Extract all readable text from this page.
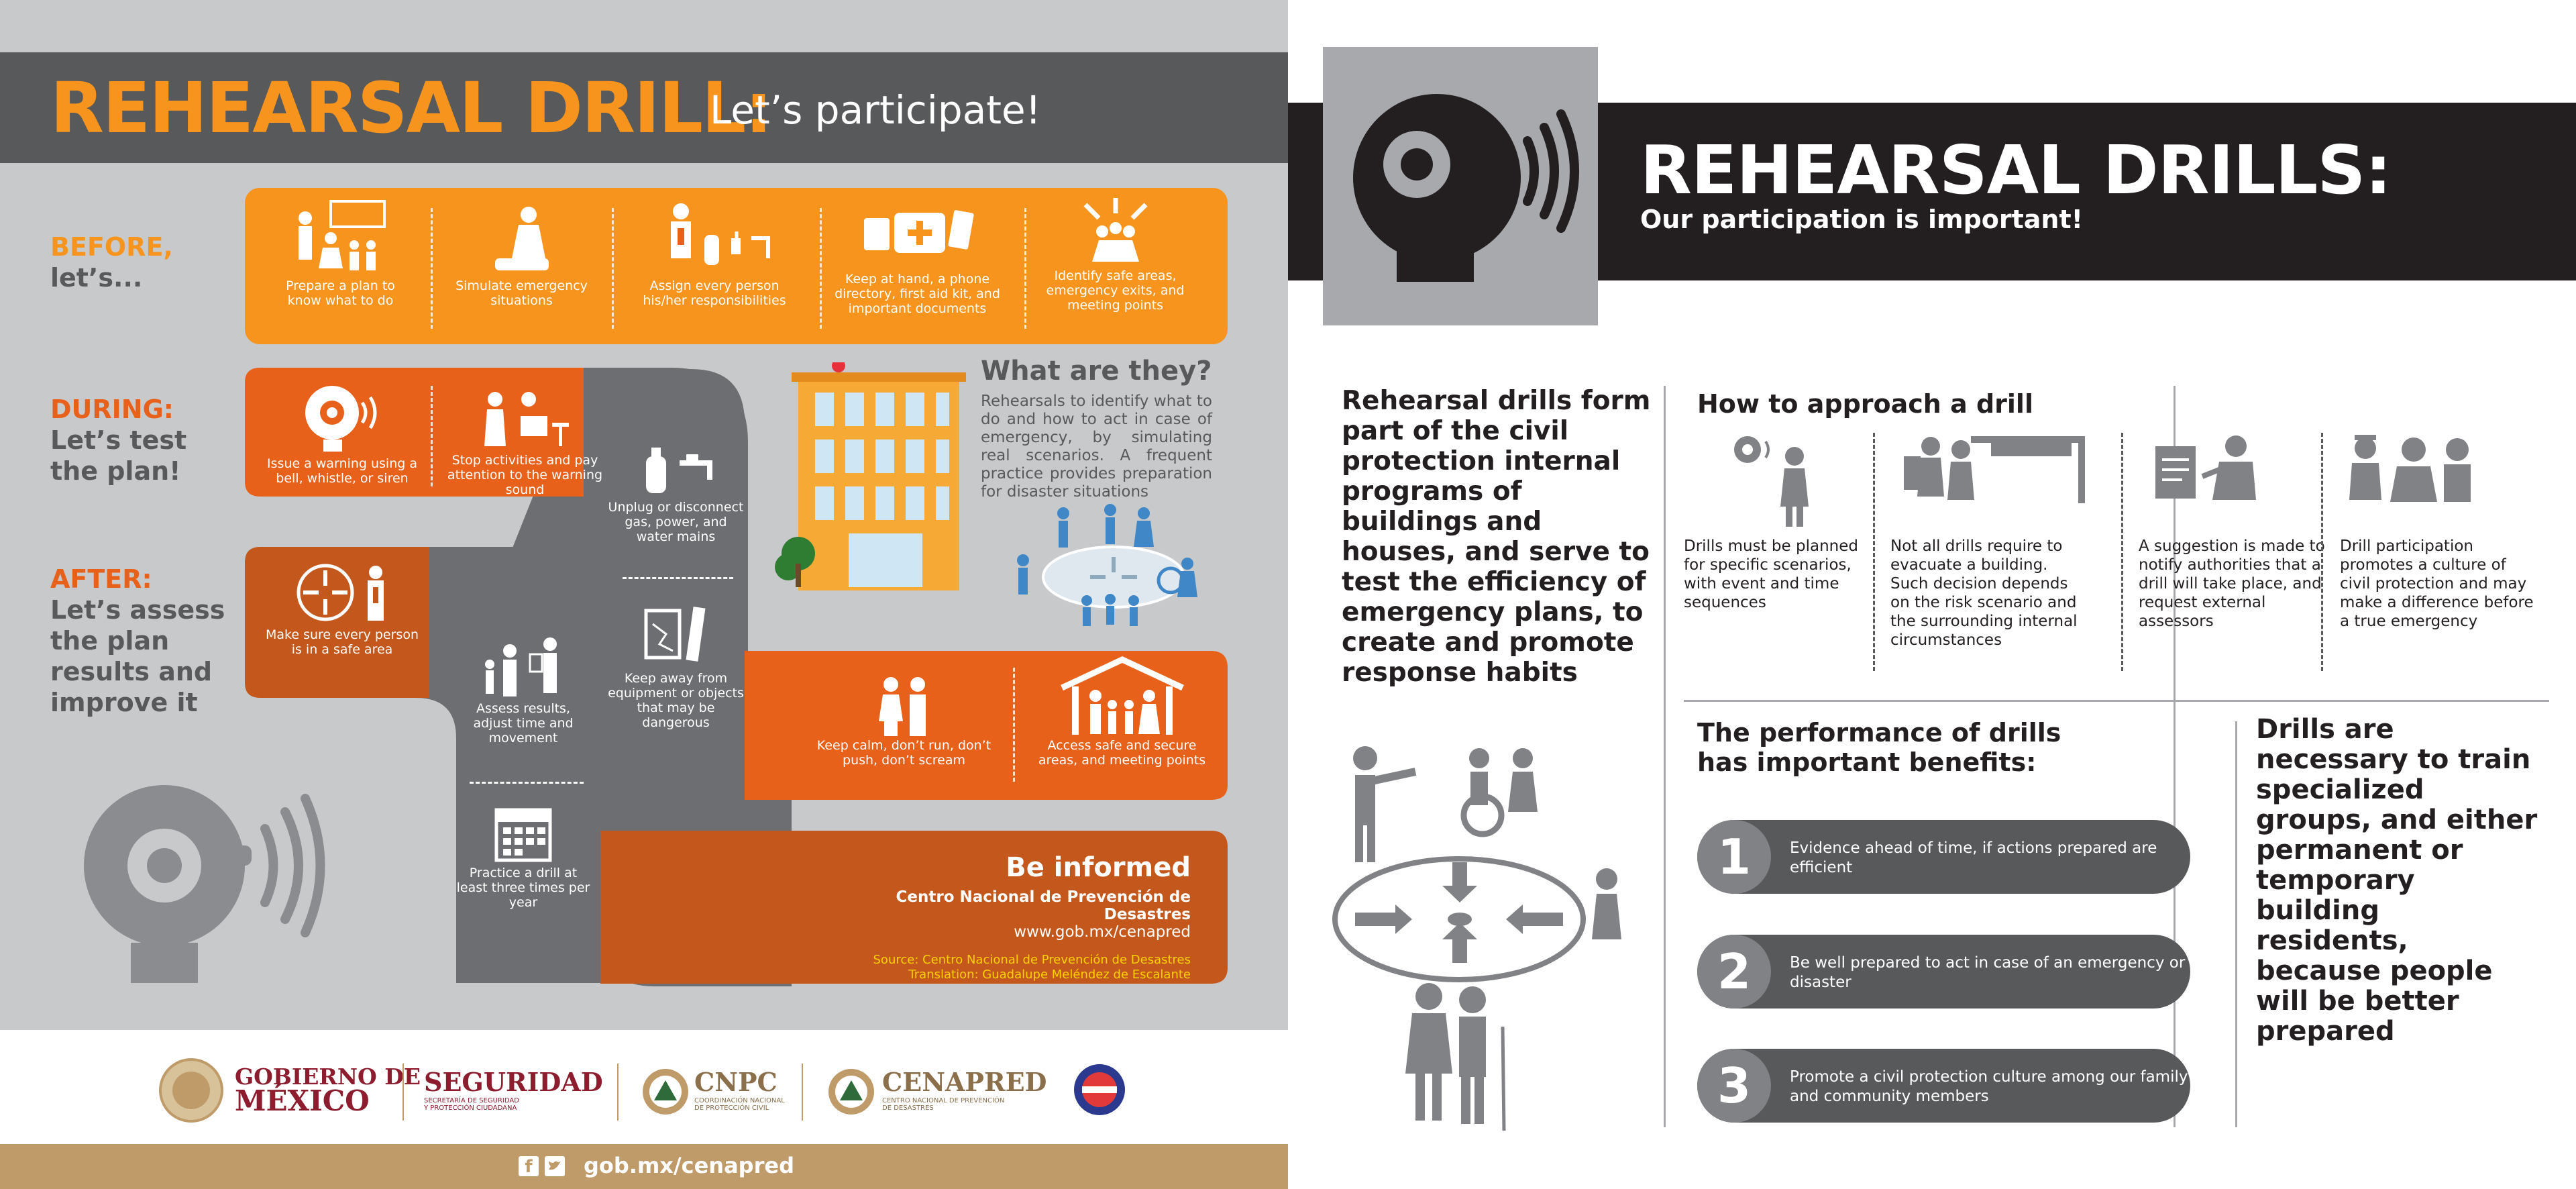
REHEARSAL DRILL:
Let’s participate!
BEFORE,
let’s...
DURING:
Let’s test
the plan!
AFTER:
Let’s assess
the plan
results and
improve it
Prepare a plan to know what to do
Simulate emergency situations
Assign every person his/her responsibilities
Keep at hand, a phone directory, first aid kit, and important documents
Identify safe areas, emergency exits, and meeting points
Issue a warning using a bell, whistle, or siren
Stop activities and pay attention to the warning sound
Unplug or disconnect gas, power, and water mains
Keep away from equipment or objects that may be dangerous
Keep calm, don’t run, don’t push, don’t scream
Access safe and secure areas, and meeting points
Make sure every person is in a safe area
Assess results, adjust time and movement
Practice a drill at least three times per year
What are they?
Rehearsals to identify what to do and how to act in case of emergency, by simulating real scenarios. A frequent practice provides preparation for disaster situations
Be informed
Centro Nacional de Prevención de Desastres
www.gob.mx/cenapred
Source: Centro Nacional de Prevención de Desastres
Translation: Guadalupe Meléndez de Escalante
GOBIERNO DE
MÉXICO
SEGURIDAD
SECRETARÍA DE SEGURIDAD
Y PROTECCIÓN CIUDADANA
CNPC
COORDINACIÓN NACIONAL
DE PROTECCIÓN CIVIL
CENAPRED
CENTRO NACIONAL DE PREVENCIÓN
DE DESASTRES
f gob.mx/cenapred
REHEARSAL DRILLS:
Our participation is important!
Rehearsal drills form part of the civil protection internal programs of buildings and houses, and serve to test the efficiency of emergency plans, to create and promote response habits
How to approach a drill
Drills must be planned for specific scenarios, with event and time sequences
Not all drills require to evacuate a building. Such decision depends on the risk scenario and the surrounding internal circumstances
A suggestion is made to notify authorities that a drill will take place, and request external assessors
Drill participation promotes a culture of civil protection and may make a difference before a true emergency
The performance of drills
has important benefits:
1	Evidence ahead of time, if actions prepared are
efficient
2	Be well prepared to act in case of an emergency or
disaster
3	Promote a civil protection culture among our family
and community members
Drills are necessary to train specialized groups, and either permanent or temporary building residents, because people will be better prepared
